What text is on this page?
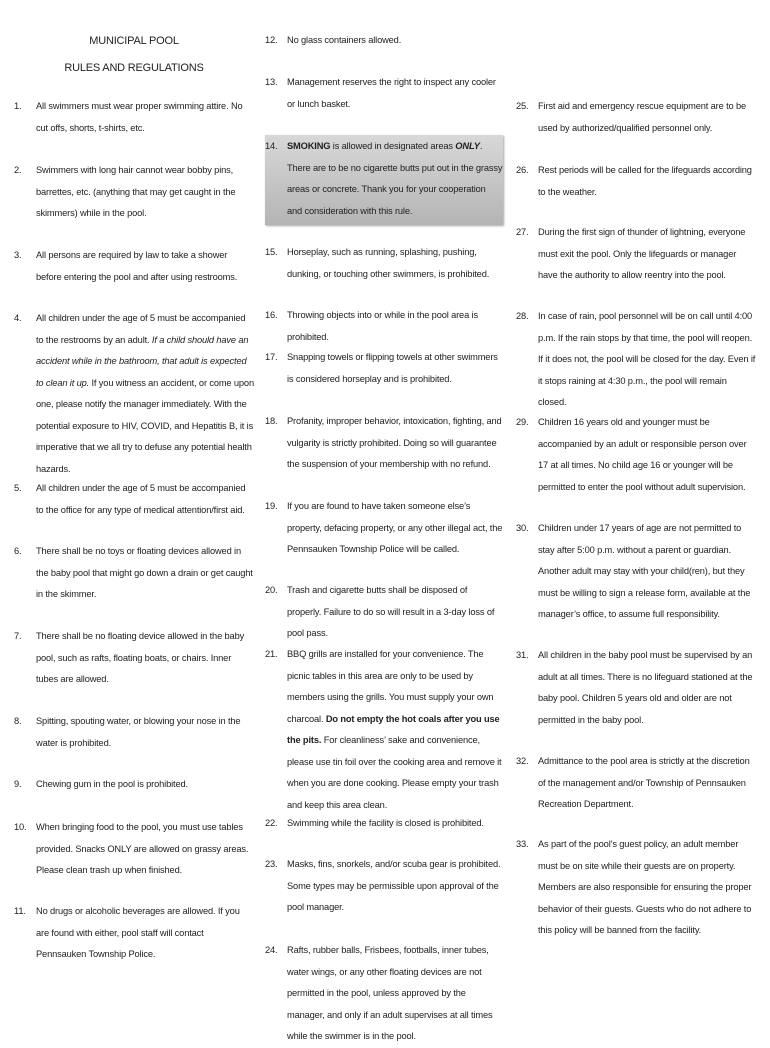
MUNICIPAL POOL
RULES AND REGULATIONS
1. All swimmers must wear proper swimming attire. No cut offs, shorts, t-shirts, etc.
2. Swimmers with long hair cannot wear bobby pins, barrettes, etc. (anything that may get caught in the skimmers) while in the pool.
3. All persons are required by law to take a shower before entering the pool and after using restrooms.
4. All children under the age of 5 must be accompanied to the restrooms by an adult. If a child should have an accident while in the bathroom, that adult is expected to clean it up. If you witness an accident, or come upon one, please notify the manager immediately. With the potential exposure to HIV, COVID, and Hepatitis B, it is imperative that we all try to defuse any potential health hazards.
5. All children under the age of 5 must be accompanied to the office for any type of medical attention/first aid.
6. There shall be no toys or floating devices allowed in the baby pool that might go down a drain or get caught in the skimmer.
7. There shall be no floating device allowed in the baby pool, such as rafts, floating boats, or chairs. Inner tubes are allowed.
8. Spitting, spouting water, or blowing your nose in the water is prohibited.
9. Chewing gum in the pool is prohibited.
10. When bringing food to the pool, you must use tables provided. Snacks ONLY are allowed on grassy areas. Please clean trash up when finished.
11. No drugs or alcoholic beverages are allowed. If you are found with either, pool staff will contact Pennsauken Township Police.
12. No glass containers allowed.
13. Management reserves the right to inspect any cooler or lunch basket.
14. SMOKING is allowed in designated areas ONLY. There are to be no cigarette butts put out in the grassy areas or concrete. Thank you for your cooperation and consideration with this rule.
15. Horseplay, such as running, splashing, pushing, dunking, or touching other swimmers, is prohibited.
16. Throwing objects into or while in the pool area is prohibited.
17. Snapping towels or flipping towels at other swimmers is considered horseplay and is prohibited.
18. Profanity, improper behavior, intoxication, fighting, and vulgarity is strictly prohibited. Doing so will guarantee the suspension of your membership with no refund.
19. If you are found to have taken someone else’s property, defacing property, or any other illegal act, the Pennsauken Township Police will be called.
20. Trash and cigarette butts shall be disposed of properly. Failure to do so will result in a 3-day loss of pool pass.
21. BBQ grills are installed for your convenience. The picnic tables in this area are only to be used by members using the grills. You must supply your own charcoal. Do not empty the hot coals after you use the pits. For cleanliness’ sake and convenience, please use tin foil over the cooking area and remove it when you are done cooking. Please empty your trash and keep this area clean.
22. Swimming while the facility is closed is prohibited.
23. Masks, fins, snorkels, and/or scuba gear is prohibited. Some types may be permissible upon approval of the pool manager.
24. Rafts, rubber balls, Frisbees, footballs, inner tubes, water wings, or any other floating devices are not permitted in the pool, unless approved by the manager, and only if an adult supervises at all times while the swimmer is in the pool.
25. First aid and emergency rescue equipment are to be used by authorized/qualified personnel only.
26. Rest periods will be called for the lifeguards according to the weather.
27. During the first sign of thunder of lightning, everyone must exit the pool. Only the lifeguards or manager have the authority to allow reentry into the pool.
28. In case of rain, pool personnel will be on call until 4:00 p.m. If the rain stops by that time, the pool will reopen. If it does not, the pool will be closed for the day. Even if it stops raining at 4:30 p.m., the pool will remain closed.
29. Children 16 years old and younger must be accompanied by an adult or responsible person over 17 at all times. No child age 16 or younger will be permitted to enter the pool without adult supervision.
30. Children under 17 years of age are not permitted to stay after 5:00 p.m. without a parent or guardian. Another adult may stay with your child(ren), but they must be willing to sign a release form, available at the manager’s office, to assume full responsibility.
31. All children in the baby pool must be supervised by an adult at all times. There is no lifeguard stationed at the baby pool. Children 5 years old and older are not permitted in the baby pool.
32. Admittance to the pool area is strictly at the discretion of the management and/or Township of Pennsauken Recreation Department.
33. As part of the pool’s guest policy, an adult member must be on site while their guests are on property. Members are also responsible for ensuring the proper behavior of their guests. Guests who do not adhere to this policy will be banned from the facility.
